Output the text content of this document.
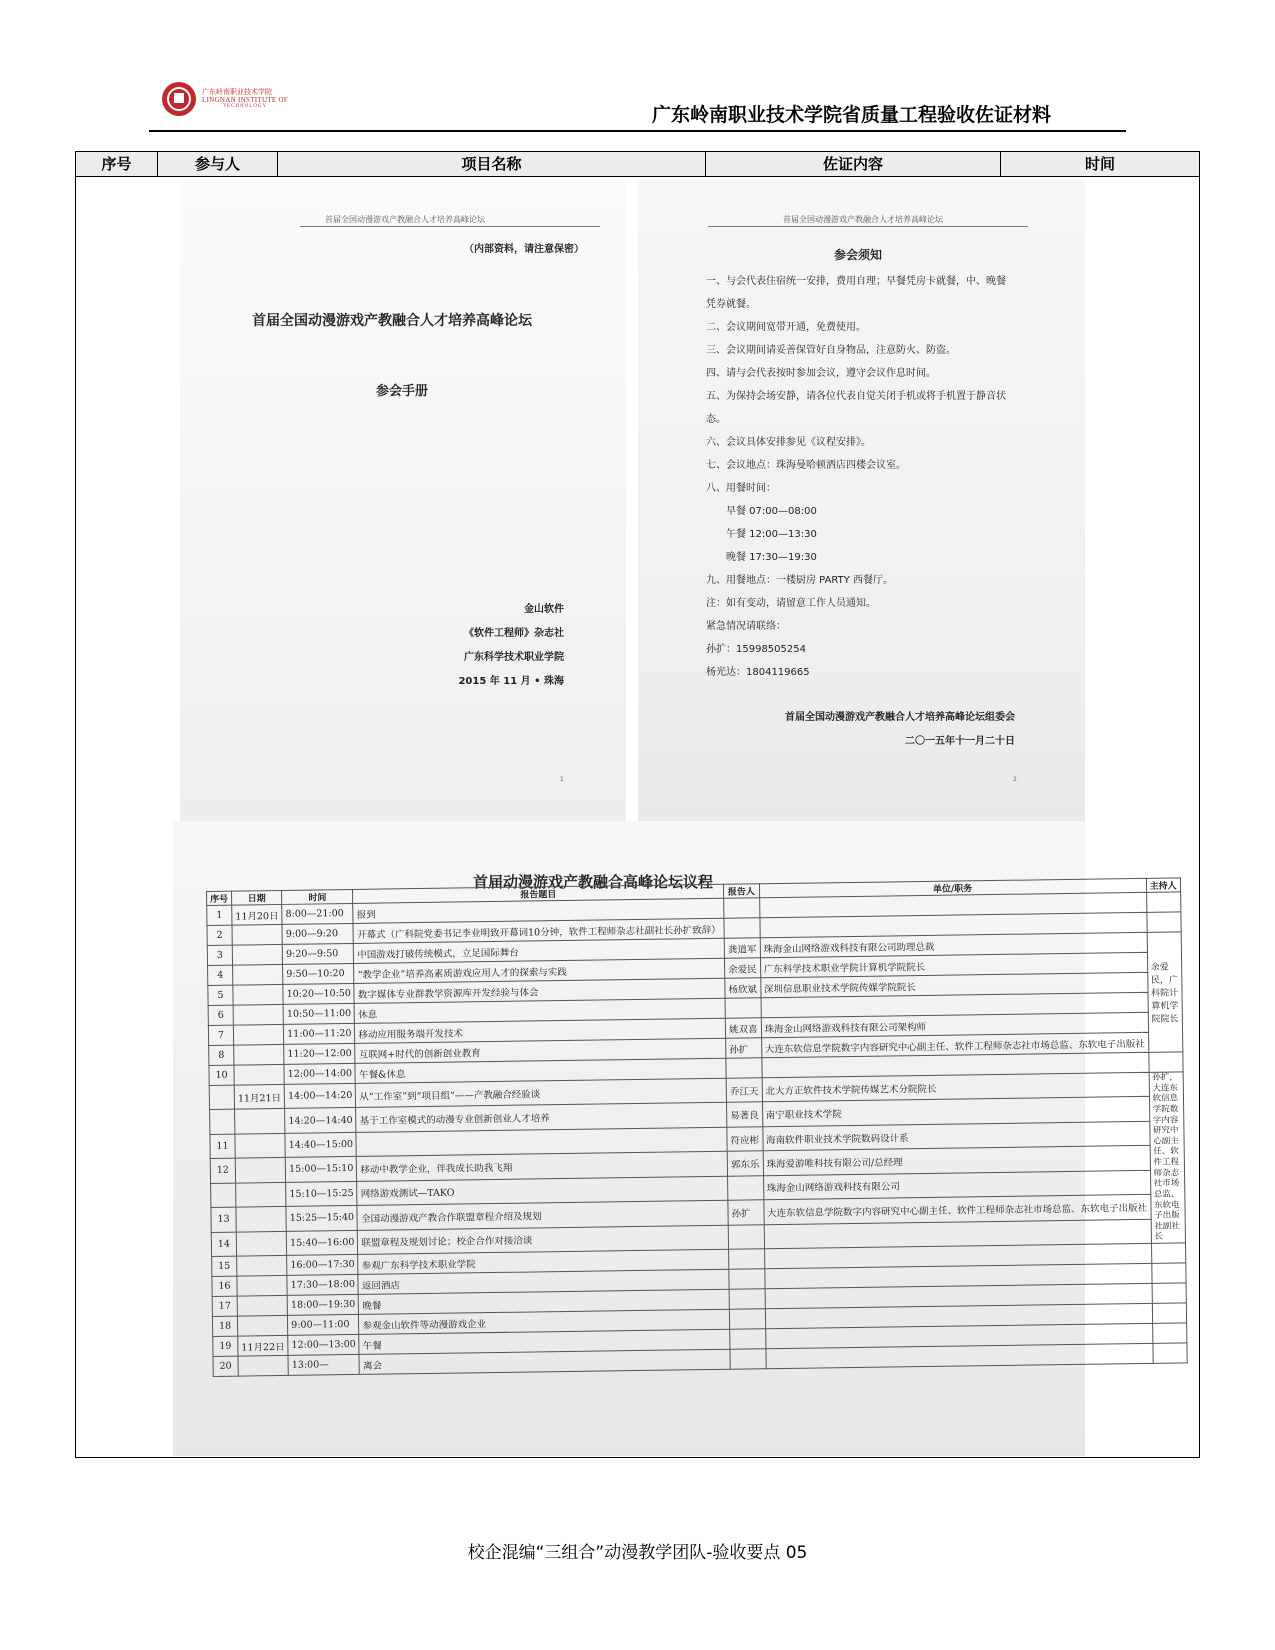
广东岭南职业技术学院
LINGNAN INSTITUTE OF
TECHNOLOGY	广东岭南职业技术学院省质量工程验收佐证材料
序号	参与人	项目名称	佐证内容	时间
首届全国动漫游戏产教融合人才培养高峰论坛
（内部资料，请注意保密）
首届全国动漫游戏产教融合人才培养高峰论坛
参会手册
金山软件
《软件工程师》杂志社
广东科学技术职业学院
2015 年 11 月 • 珠海
1
首届全国动漫游戏产教融合人才培养高峰论坛
参会须知
一、与会代表住宿统一安排，费用自理；早餐凭房卡就餐，中、晚餐
凭券就餐。
二、会议期间宽带开通，免费使用。
三、会议期间请妥善保管好自身物品，注意防火、防盗。
四、请与会代表按时参加会议，遵守会议作息时间。
五、为保持会场安静，请各位代表自觉关闭手机或将手机置于静音状
态。
六、会议具体安排参见《议程安排》。
七、会议地点：珠海曼哈顿酒店四楼会议室。
八、用餐时间：
早餐 07:00—08:00
午餐 12:00—13:30
晚餐 17:30—19:30
九、用餐地点：一楼厨房 PARTY 西餐厅。
注：如有变动，请留意工作人员通知。
紧急情况请联络：
孙扩：15998505254
杨光达：1804119665
首届全国动漫游戏产教融合人才培养高峰论坛组委会
二〇一五年十一月二十日
2
首届动漫游戏产教融合高峰论坛议程
序号	日期	时间	报告题目	报告人	单位/职务	主持人
1	11月20日	8:00—21:00	报到			
2		9:00—9:20	开幕式（广科院党委书记李业明致开幕词10分钟，软件工程师杂志社副社长孙扩致辞）			
3		9:20—9:50	中国游戏打破传统模式，立足国际舞台	龚道军	珠海金山网络游戏科技有限公司助理总裁	余爱民，广科院计算机学院院长
4		9:50—10:20	“教学企业”培养高素质游戏应用人才的探索与实践	余爱民	广东科学技术职业学院计算机学院院长	
5		10:20—10:50	数字媒体专业群教学资源库开发经验与体会	杨欣斌	深圳信息职业技术学院传媒学院院长	
6		10:50—11:00	休息			
7		11:00—11:20	移动应用服务端开发技术	姚双喜	珠海金山网络游戏科技有限公司架构师	
8		11:20—12:00	互联网+时代的创新创业教育	孙扩	大连东软信息学院数字内容研究中心副主任、软件工程师杂志社市场总监、东软电子出版社	
10		12:00—14:00	午餐&休息			
	11月21日	14:00—14:20	从“工作室”到“项目组”——产教融合经验谈	乔江天	北大方正软件技术学院传媒艺术分院院长	孙扩，大连东软信息学院数字内容研究中心副主任、软件工程师杂志社市场总监、东软电子出版社副社长
		14:20—14:40	基于工作室模式的动漫专业创新创业人才培养	易著良	南宁职业技术学院	
11		14:40—15:00		符应彬	海南软件职业技术学院数码设计系	
12		15:00—15:10	移动中教学企业，伴我成长助我飞翔	郭东乐	珠海爱游唯科技有限公司/总经理	
		15:10—15:25	网络游戏测试—TAKO		珠海金山网络游戏科技有限公司	
13		15:25—15:40	全国动漫游戏产教合作联盟章程介绍及规划	孙扩	大连东软信息学院数字内容研究中心副主任、软件工程师杂志社市场总监、东软电子出版社	
14		15:40—16:00	联盟章程及规划讨论；校企合作对接洽谈			
15		16:00—17:30	参观广东科学技术职业学院			
16		17:30—18:00	返回酒店			
17		18:00—19:30	晚餐			
18		9:00—11:00	参观金山软件等动漫游戏企业			
19	11月22日	12:00—13:00	午餐			
20		13:00—	离会			
校企混编“三组合”动漫教学团队-验收要点 05
